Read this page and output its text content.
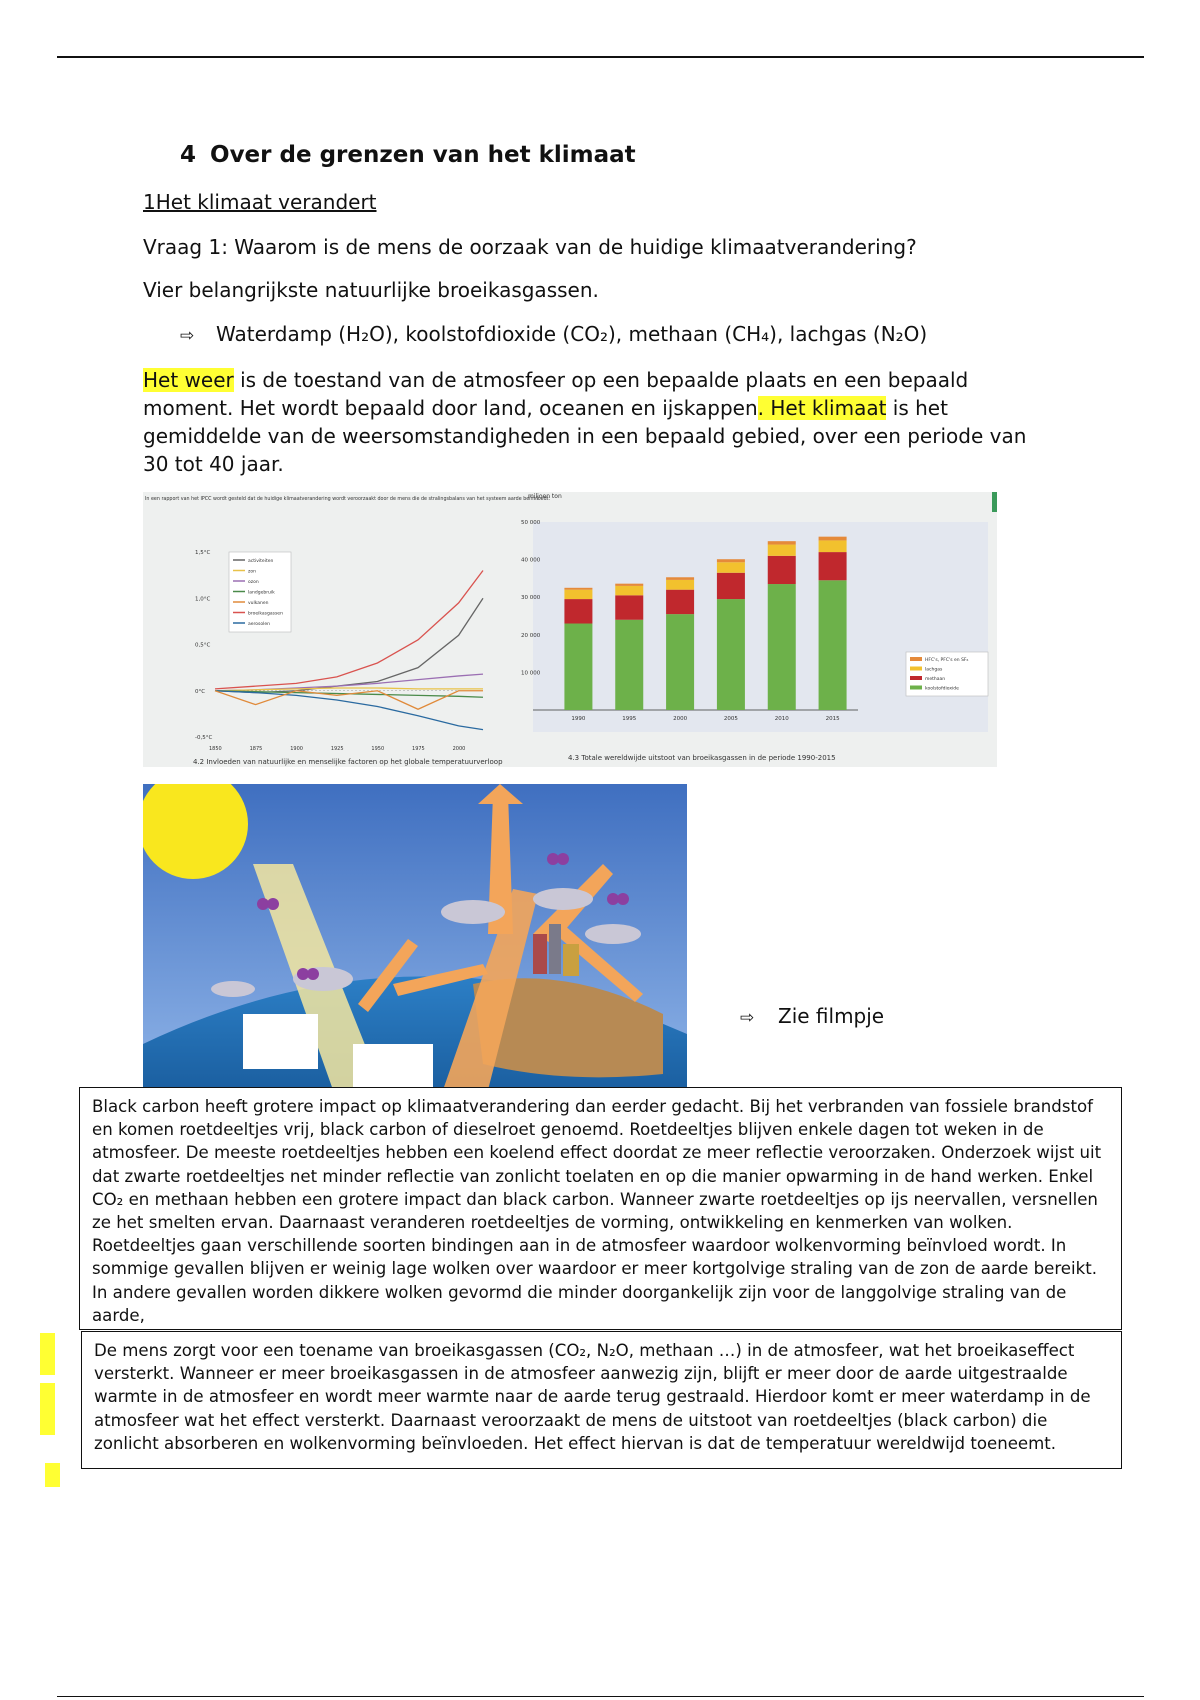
4 Over de grenzen van het klimaat
1Het klimaat verandert
Vraag 1: Waarom is de mens de oorzaak van de huidige klimaatverandering?
Vier belangrijkste natuurlijke broeikasgassen.
⇨ Waterdamp (H₂O), koolstofdioxide (CO₂), methaan (CH₄), lachgas (N₂O)

Het weer is de toestand van de atmosfeer op een bepaalde plaats en een bepaald moment. Het wordt bepaald door land, oceanen en ijskappen. Het klimaat is het gemiddelde van de weersomstandigheden in een bepaald gebied, over een periode van 30 tot 40 jaar.

In een rapport van het IPCC wordt gesteld dat de huidige klimaatverandering wordt veroorzaakt door de mens die de stralingsbalans van het systeem aarde beïnvloedt.
1,5°C
1,0°C
0,5°C
0°C
-0,5°C
1850	1875	1900	1925	1950	1975	2000
activiteiten
zon
ozon
landgebruik
vulkanen
broeikasgassen
aerosolen
4.2 Invloeden van natuurlijke en menselijke factoren op het globale temperatuurverloop
miljoen ton
10 000
20 000
30 000
40 000
50 000
1990	1995	2000	2005	2010	2015
HFC's, PFC's en SF₆
lachgas
methaan
koolstofdioxide
4.3 Totale wereldwijde uitstoot van broeikasgassen in de periode 1990-2015
⇨ Zie filmpje
Black carbon heeft grotere impact op klimaatverandering dan eerder gedacht. Bij het verbranden van fossiele brandstof en komen roetdeeltjes vrij, black carbon of dieselroet genoemd. Roetdeeltjes blijven enkele dagen tot weken in de atmosfeer. De meeste roetdeeltjes hebben een koelend effect doordat ze meer reflectie veroorzaken. Onderzoek wijst uit dat zwarte roetdeeltjes net minder reflectie van zonlicht toelaten en op die manier opwarming in de hand werken. Enkel CO₂ en methaan hebben een grotere impact dan black carbon. Wanneer zwarte roetdeeltjes op ijs neervallen, versnellen ze het smelten ervan. Daarnaast veranderen roetdeeltjes de vorming, ontwikkeling en kenmerken van wolken. Roetdeeltjes gaan verschillende soorten bindingen aan in de atmosfeer waardoor wolkenvorming beïnvloed wordt. In sommige gevallen blijven er weinig lage wolken over waardoor er meer kortgolvige straling van de zon de aarde bereikt. In andere gevallen worden dikkere wolken gevormd die minder doorgankelijk zijn voor de langgolvige straling van de aarde,
De mens zorgt voor een toename van broeikasgassen (CO₂, N₂O, methaan …) in de atmosfeer, wat het broeikaseffect versterkt. Wanneer er meer broeikasgassen in de atmosfeer aanwezig zijn, blijft er meer door de aarde uitgestraalde warmte in de atmosfeer en wordt meer warmte naar de aarde terug gestraald. Hierdoor komt er meer waterdamp in de atmosfeer wat het effect versterkt. Daarnaast veroorzaakt de mens de uitstoot van roetdeeltjes (black carbon) die zonlicht absorberen en wolkenvorming beïnvloeden. Het effect hiervan is dat de temperatuur wereldwijd toeneemt.
